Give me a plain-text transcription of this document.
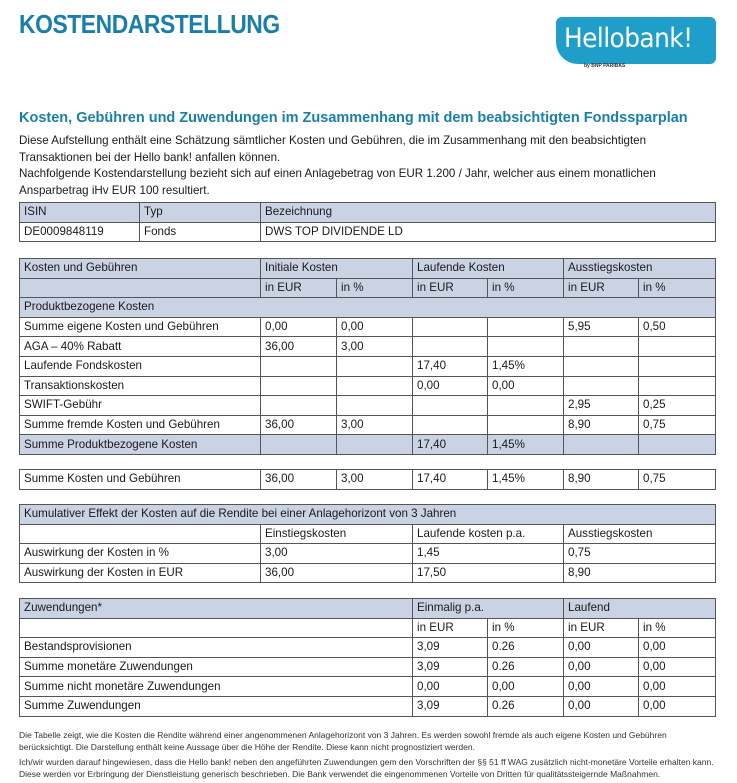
KOSTENDARSTELLUNG	Hellobank!
by BNP PARIBAS
Kosten, Gebühren und Zuwendungen im Zusammenhang mit dem beabsichtigten Fondssparplan

Diese Aufstellung enthält eine Schätzung sämtlicher Kosten und Gebühren, die im Zusammenhang mit den beabsichtigten Transaktionen bei der Hello bank! anfallen können.

Nachfolgende Kostendarstellung bezieht sich auf einen Anlagebetrag von EUR 1.200 / Jahr, welcher aus einem monatlichen Ansparbetrag iHv EUR 100 resultiert.

ISIN	Typ	Bezeichnung
DE0009848119	Fonds	DWS TOP DIVIDENDE LD
Kosten und Gebühren	Initiale Kosten		Laufende Kosten		Ausstiegskosten	
	in EUR	in %	in EUR	in %	in EUR	in %
Produktbezogene Kosten						
Summe eigene Kosten und Gebühren	0,00	0,00			5,95	0,50
AGA – 40% Rabatt	36,00	3,00				
Laufende Fondskosten			17,40	1,45%		
Transaktionskosten			0,00	0,00		
SWIFT-Gebühr					2,95	0,25
Summe fremde Kosten und Gebühren	36,00	3,00			8,90	0,75
Summe Produktbezogene Kosten			17,40	1,45%		
Summe Kosten und Gebühren	36,00	3,00	17,40	1,45%	8,90	0,75
Kumulativer Effekt der Kosten auf die Rendite bei einer Anlagehorizont von 3 Jahren			
	Einstiegskosten	Laufende kosten p.a.	Ausstiegskosten
Auswirkung der Kosten in %	3,00	1,45	0,75
Auswirkung der Kosten in EUR	36,00	17,50	8,90
Zuwendungen*	Einmalig p.a.		Laufend	
	in EUR	in %	in EUR	in %
Bestandsprovisionen	3,09	0.26	0,00	0,00
Summe monetäre Zuwendungen	3,09	0.26	0,00	0,00
Summe nicht monetäre Zuwendungen	0,00	0,00	0,00	0,00
Summe Zuwendungen	3,09	0.26	0,00	0,00

Die Tabelle zeigt, wie die Kosten die Rendite während einer angenommenen Anlagehorizont von 3 Jahren. Es werden sowohl fremde als auch eigene Kosten und Gebühren berücksichtigt. Die Darstellung enthält keine Aussage über die Höhe der Rendite. Diese kann nicht prognostiziert werden.

Ich/wir wurden darauf hingewiesen, dass die Hello bank! neben den angeführten Zuwendungen gem den Vorschriften der §§ 51 ff WAG zusätzlich nicht-monetäre Vorteile erhalten kann. Diese werden vor Erbringung der Dienstleistung generisch beschrieben. Die Bank verwendet die eingenommenen Vorteile von Dritten für qualitätssteigernde Maßnahmen.
